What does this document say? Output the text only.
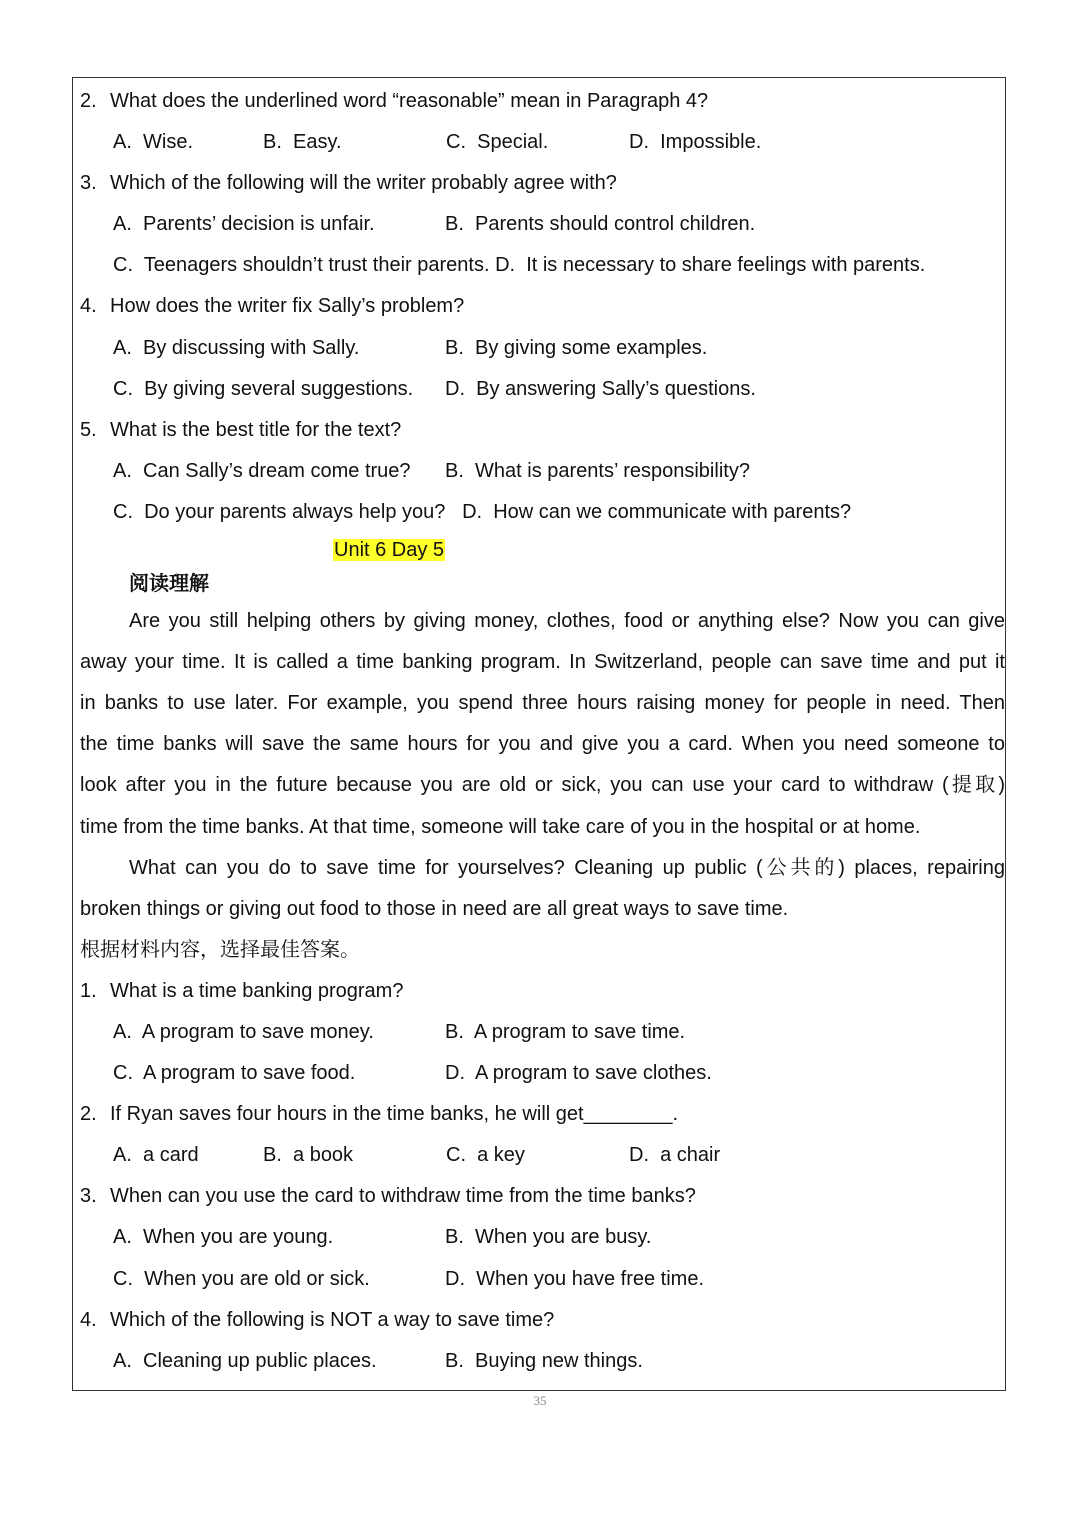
2. What does the underlined word “reasonable” mean in Paragraph 4?
A.  Wise.	B.  Easy.	C.  Special.	D.  Impossible.
3. Which of the following will the writer probably agree with?
A.  Parents’ decision is unfair.	B.  Parents should control children.
C.  Teenagers shouldn’t trust their parents. D.  It is necessary to share feelings with parents.
4. How does the writer fix Sally’s problem?
A.  By discussing with Sally.	B.  By giving some examples.
C.  By giving several suggestions. D.  By answering Sally’s questions.
5. What is the best title for the text?
A.  Can Sally’s dream come true? B.  What is parents’ responsibility?
C.  Do your parents always help you? D.  How can we communicate with parents?
Unit 6 Day 5
阅读理解
Are you still helping others by giving money, clothes, food or anything else? Now you can give
away your time. It is called a time banking program. In Switzerland, people can save time and put it
in banks to use later. For example, you spend three hours raising money for people in need. Then
the time banks will save the same hours for you and give you a card. When you need someone to
look after you in the future because you are old or sick, you can use your card to withdraw (提取)
time from the time banks. At that time, someone will take care of you in the hospital or at home.
What can you do to save time for yourselves? Cleaning up public (公共的) places, repairing
broken things or giving out food to those in need are all great ways to save time.
根据材料内容，选择最佳答案。
1. What is a time banking program?
A.  A program to save money.	B.  A program to save time.
C.  A program to save food.	D.  A program to save clothes.
2. If Ryan saves four hours in the time banks, he will get________.
A.  a card	B.  a book	C.  a key	D.  a chair
3. When can you use the card to withdraw time from the time banks?
A.  When you are young.	B.  When you are busy.
C.  When you are old or sick.	D.  When you have free time.
4. Which of the following is NOT a way to save time?
A.  Cleaning up public places.	B.  Buying new things.
35
